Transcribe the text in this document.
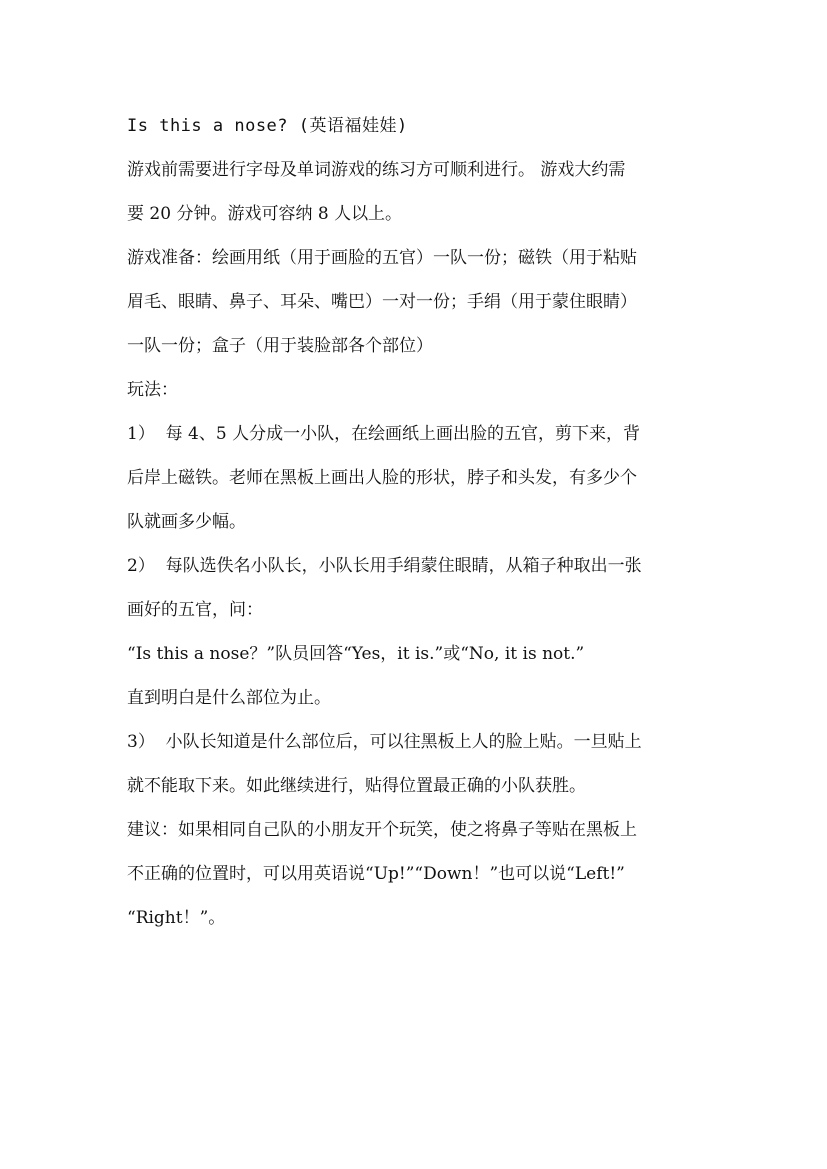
Is this a nose? (英语福娃娃)

游戏前需要进行字母及单词游戏的练习方可顺利进行。 游戏大约需

要 20 分钟。游戏可容纳 8 人以上。

游戏准备：绘画用纸（用于画脸的五官）一队一份；磁铁（用于粘贴

眉毛、眼睛、鼻子、耳朵、嘴巴）一对一份；手绢（用于蒙住眼睛）

一队一份；盒子（用于装脸部各个部位）

玩法：

1）  每 4、5 人分成一小队，在绘画纸上画出脸的五官，剪下来，背

后岸上磁铁。老师在黑板上画出人脸的形状，脖子和头发，有多少个

队就画多少幅。

2）  每队选佚名小队长，小队长用手绢蒙住眼睛，从箱子种取出一张

画好的五官，问：

“Is this a nose？”队员回答“Yes，it is.”或“No, it is not.”

直到明白是什么部位为止。

3）  小队长知道是什么部位后，可以往黑板上人的脸上贴。一旦贴上

就不能取下来。如此继续进行，贴得位置最正确的小队获胜。

建议：如果相同自己队的小朋友开个玩笑，使之将鼻子等贴在黑板上

不正确的位置时，可以用英语说“Up!”“Down！”也可以说“Left!”

“Right！”。
